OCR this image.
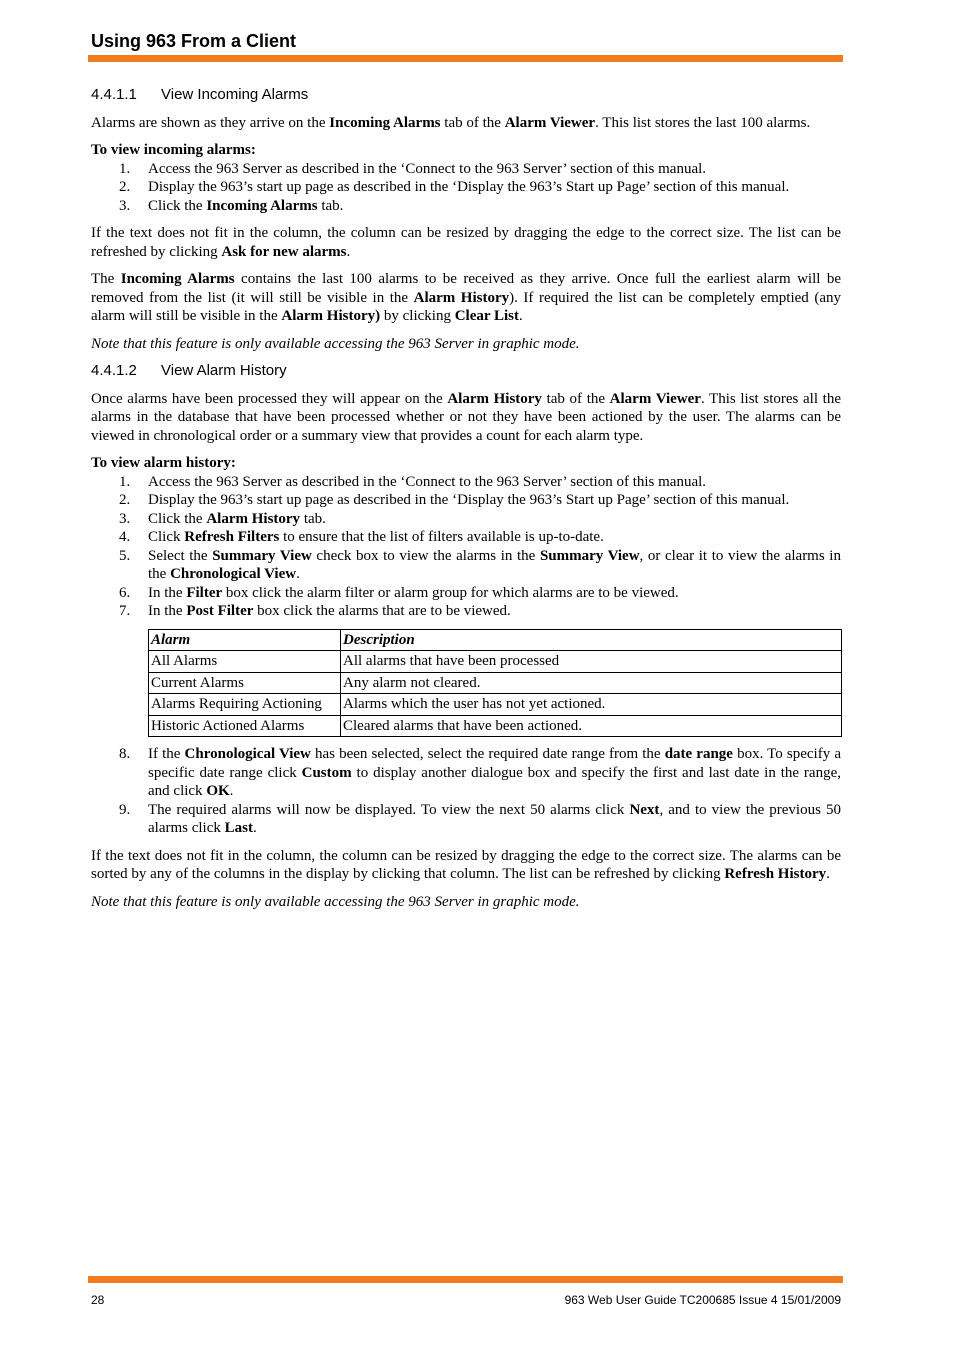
Using 963 From a Client
4.4.1.1 View Incoming Alarms

Alarms are shown as they arrive on the Incoming Alarms tab of the Alarm Viewer. This list stores the last 100 alarms.

To view incoming alarms:

1.	Access the 963 Server as described in the ‘Connect to the 963 Server’ section of this manual.
2.	Display the 963’s start up page as described in the ‘Display the 963’s Start up Page’ section of this manual.
3.	Click the Incoming Alarms tab.

If the text does not fit in the column, the column can be resized by dragging the edge to the correct size. The list can be refreshed by clicking Ask for new alarms.

The Incoming Alarms contains the last 100 alarms to be received as they arrive. Once full the earliest alarm will be removed from the list (it will still be visible in the Alarm History). If required the list can be completely emptied (any alarm will still be visible in the Alarm History) by clicking Clear List.

Note that this feature is only available accessing the 963 Server in graphic mode.

4.4.1.2 View Alarm History

Once alarms have been processed they will appear on the Alarm History tab of the Alarm Viewer. This list stores all the alarms in the database that have been processed whether or not they have been actioned by the user. The alarms can be viewed in chronological order or a summary view that provides a count for each alarm type.

To view alarm history:

1.	Access the 963 Server as described in the ‘Connect to the 963 Server’ section of this manual.
2.	Display the 963’s start up page as described in the ‘Display the 963’s Start up Page’ section of this manual.
3.	Click the Alarm History tab.
4.	Click Refresh Filters to ensure that the list of filters available is up-to-date.
5.	Select the Summary View check box to view the alarms in the Summary View, or clear it to view the alarms in the Chronological View.
6.	In the Filter box click the alarm filter or alarm group for which alarms are to be viewed.
7.	In the Post Filter box click the alarms that are to be viewed.
Alarm	Description
All Alarms	All alarms that have been processed
Current Alarms	Any alarm not cleared.
Alarms Requiring Actioning	Alarms which the user has not yet actioned.
Historic Actioned Alarms	Cleared alarms that have been actioned.
8.	If the Chronological View has been selected, select the required date range from the date range box. To specify a specific date range click Custom to display another dialogue box and specify the first and last date in the range, and click OK.
9.	The required alarms will now be displayed. To view the next 50 alarms click Next, and to view the previous 50 alarms click Last.

If the text does not fit in the column, the column can be resized by dragging the edge to the correct size. The alarms can be sorted by any of the columns in the display by clicking that column. The list can be refreshed by clicking Refresh History.

Note that this feature is only available accessing the 963 Server in graphic mode.

28	963 Web User Guide TC200685 Issue 4 15/01/2009
